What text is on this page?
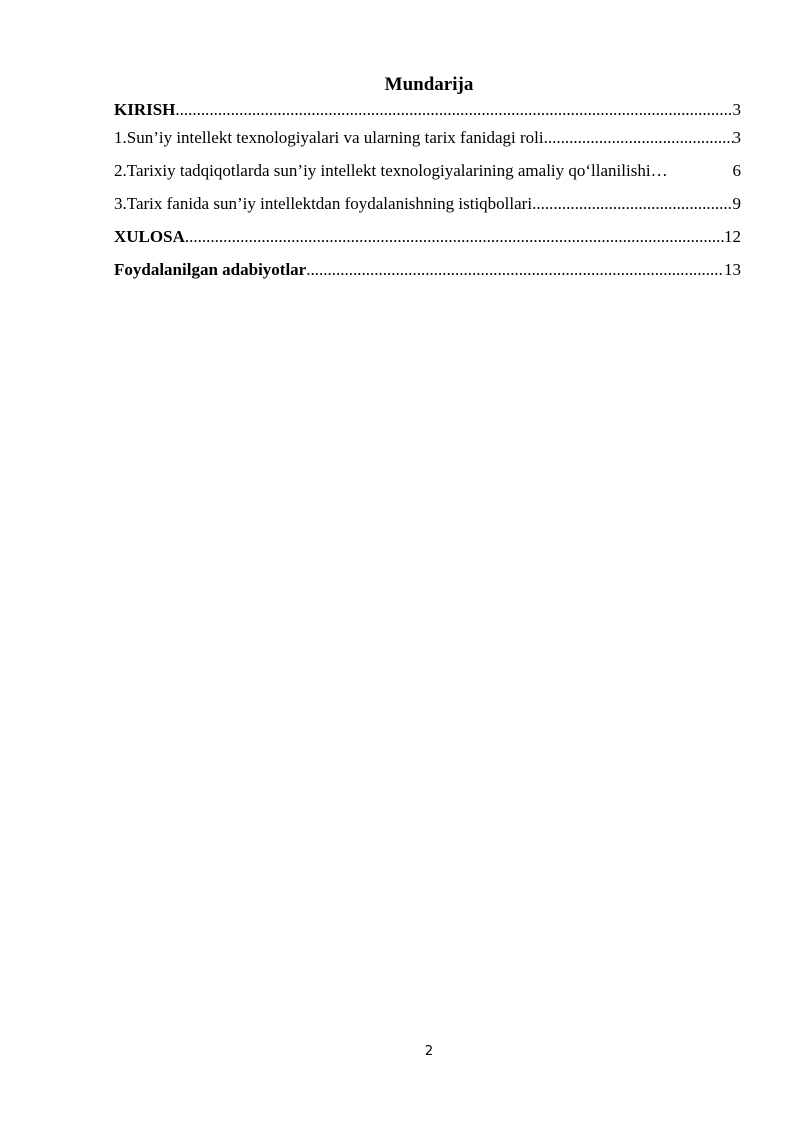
Mundarija
KIRISH .....	3
1.Sun’iy intellekt texnologiyalari va ularning tarix fanidagi roli .....	3
2.Tarixiy tadqiqotlarda sun’iy intellekt texnologiyalarining amaliy qo‘llanilishi …	6
3.Tarix fanida sun’iy intellektdan foydalanishning istiqbollari .....	9
XULOSA .....	12
Foydalanilgan adabiyotlar .....	13
2
